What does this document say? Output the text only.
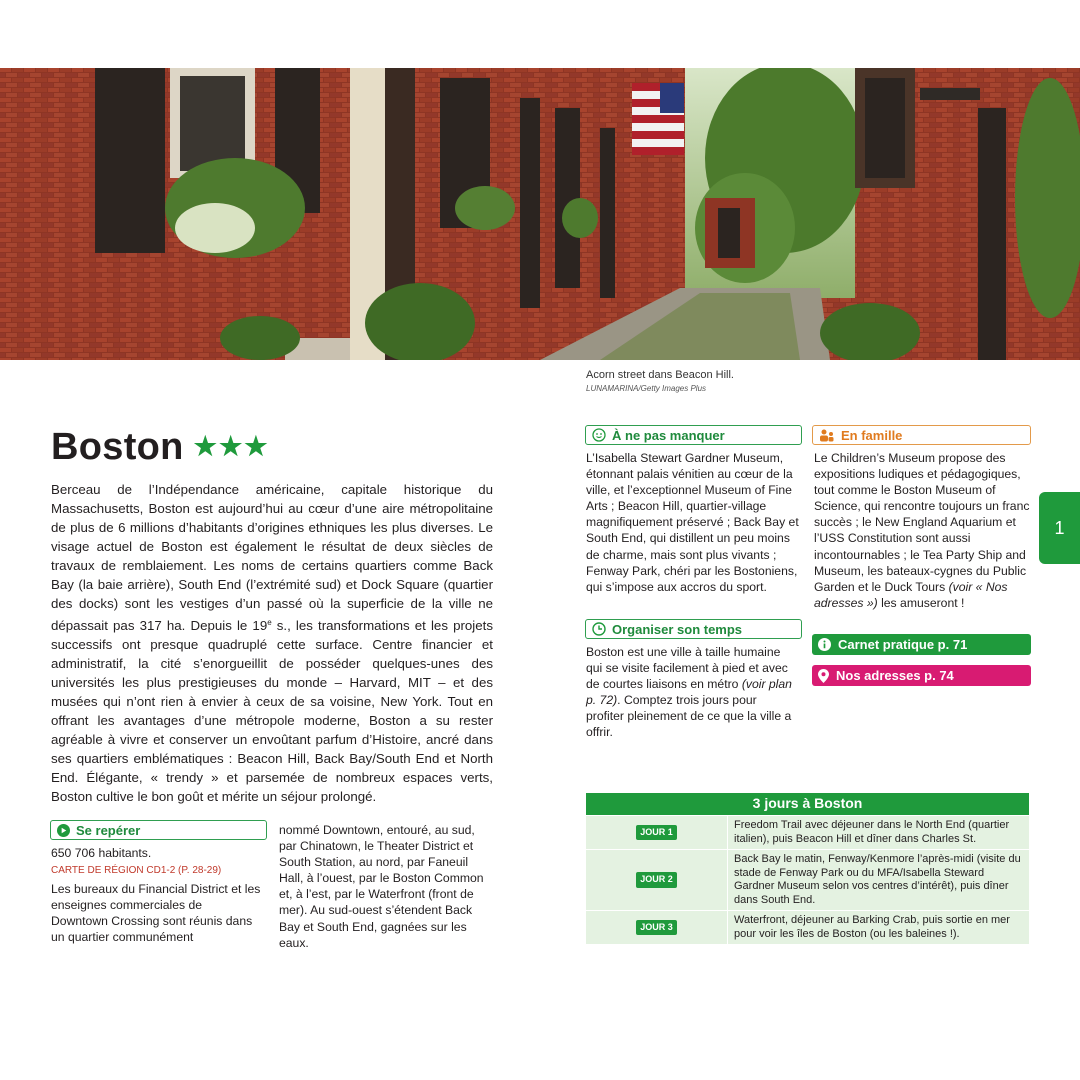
Acorn street dans Beacon Hill.
LUNAMARINA/Getty Images Plus
Boston ★★★
Berceau de l’Indépendance américaine, capitale historique du Massachusetts, Boston est aujourd’hui au cœur d’une aire métropolitaine de plus de 6 millions d’habitants d’origines ethniques les plus diverses. Le visage actuel de Boston est également le résultat de deux siècles de travaux de remblaiement. Les noms de certains quartiers comme Back Bay (la baie arrière), South End (l’extrémité sud) et Dock Square (quartier des docks) sont les vestiges d’un passé où la superficie de la ville ne dépassait pas 317 ha. Depuis le 19e s., les transformations et les projets successifs ont presque quadruplé cette surface. Centre financier et administratif, la cité s’enorgueillit de posséder quelques-unes des universités les plus prestigieuses du monde – Harvard, MIT – et des musées qui n’ont rien à envier à ceux de sa voisine, New York. Tout en offrant les avantages d’une métropole moderne, Boston a su rester agréable à vivre et conserver un envoûtant parfum d’Histoire, ancré dans ses quartiers emblématiques : Beacon Hill, Back Bay/South End et North End. Élégante, « trendy » et parsemée de nombreux espaces verts, Boston cultive le bon goût et mérite un séjour prolongé.
Se repérer
650 706 habitants.
CARTE DE RÉGION CD1-2 (P. 28-29)
Les bureaux du Financial District et les enseignes commerciales de Downtown Crossing sont réunis dans un quartier communément
nommé Downtown, entouré, au sud, par Chinatown, le Theater District et South Station, au nord, par Faneuil Hall, à l’ouest, par le Boston Common et, à l’est, par le Waterfront (front de mer). Au sud-ouest s’étendent Back Bay et South End, gagnées sur les eaux.
À ne pas manquer
L’Isabella Stewart Gardner Museum, étonnant palais vénitien au cœur de la ville, et l’exceptionnel Museum of Fine Arts ; Beacon Hill, quartier-village magnifiquement préservé ; Back Bay et South End, qui distillent un peu moins de charme, mais sont plus vivants ; Fenway Park, chéri par les Bostoniens, qui s’impose aux accros du sport.
Organiser son temps
Boston est une ville à taille humaine qui se visite facilement à pied et avec de courtes liaisons en métro (voir plan p. 72). Comptez trois jours pour profiter pleinement de ce que la ville a offrir.
En famille
Le Children’s Museum propose des expositions ludiques et pédagogiques, tout comme le Boston Museum of Science, qui rencontre toujours un franc succès ; le New England Aquarium et l’USS Constitution sont aussi incontournables ; le Tea Party Ship and Museum, les bateaux-cygnes du Public Garden et le Duck Tours (voir « Nos adresses ») les amuseront !
Carnet pratique p. 71
Nos adresses p. 74
1
3 jours à Boston
JOUR 1
Freedom Trail avec déjeuner dans le North End (quartier italien), puis Beacon Hill et dîner dans Charles St.
JOUR 2
Back Bay le matin, Fenway/Kenmore l’après-midi (visite du stade de Fenway Park ou du MFA/Isabella Steward Gardner Museum selon vos centres d’intérêt), puis dîner dans South End.
JOUR 3
Waterfront, déjeuner au Barking Crab, puis sortie en mer pour voir les îles de Boston (ou les baleines !).
